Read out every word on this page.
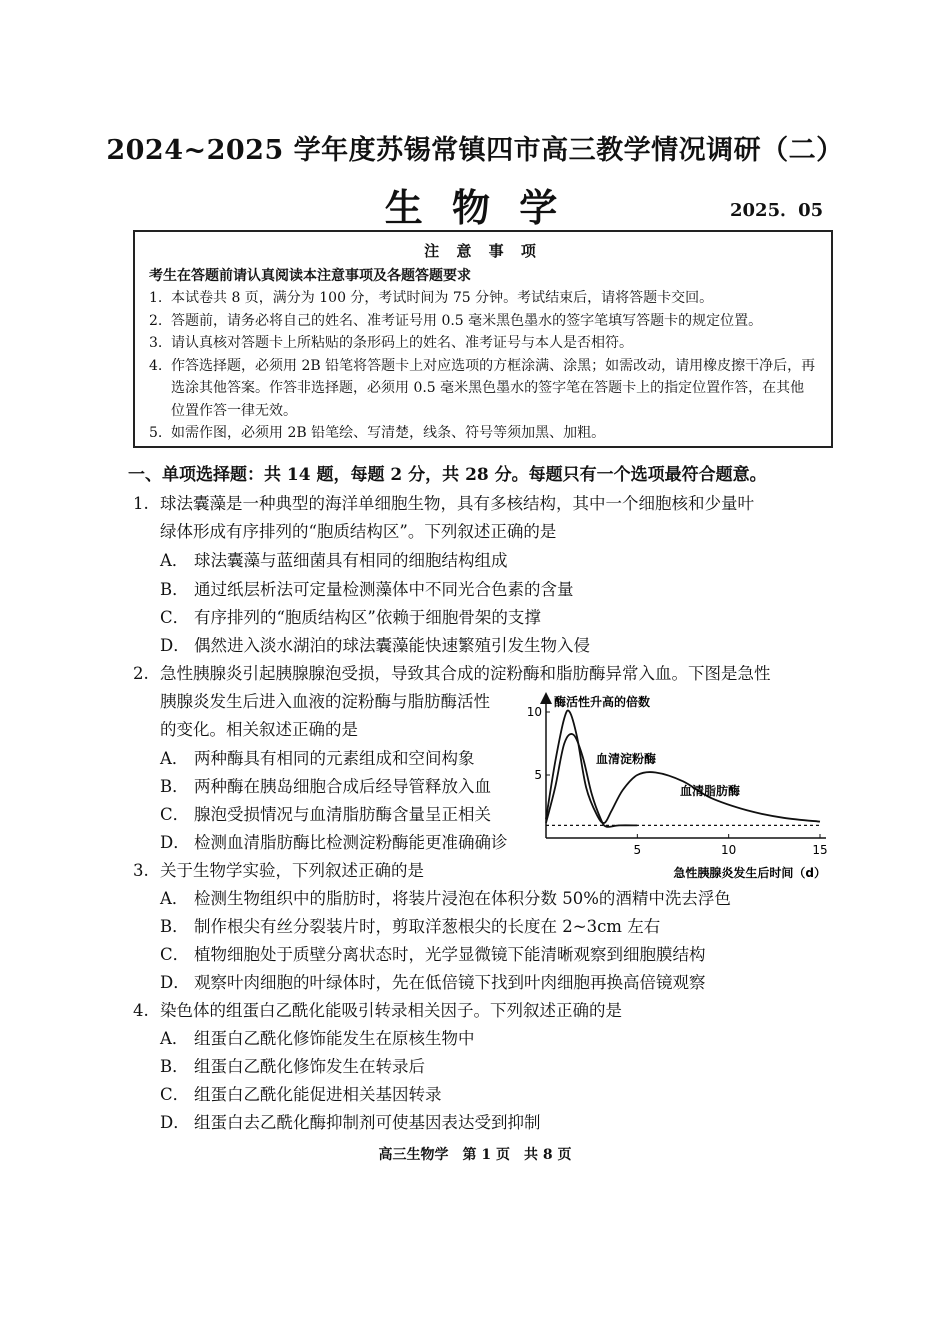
2024~2025 学年度苏锡常镇四市高三教学情况调研（二）
生 物 学	2025．05
注 意 事 项
考生在答题前请认真阅读本注意事项及各题答题要求
1. 本试卷共 8 页，满分为 100 分，考试时间为 75 分钟。考试结束后，请将答题卡交回。
2. 答题前，请务必将自己的姓名、准考证号用 0.5 毫米黑色墨水的签字笔填写答题卡的规定位置。
3. 请认真核对答题卡上所粘贴的条形码上的姓名、准考证号与本人是否相符。
4. 作答选择题，必须用 2B 铅笔将答题卡上对应选项的方框涂满、涂黑；如需改动，请用橡皮擦干净后，再选涂其他答案。作答非选择题，必须用 0.5 毫米黑色墨水的签字笔在答题卡上的指定位置作答，在其他位置作答一律无效。
5. 如需作图，必须用 2B 铅笔绘、写清楚，线条、符号等须加黑、加粗。
一、单项选择题：共 14 题，每题 2 分，共 28 分。每题只有一个选项最符合题意。
1. 球法囊藻是一种典型的海洋单细胞生物，具有多核结构，其中一个细胞核和少量叶
绿体形成有序排列的“胞质结构区”。下列叙述正确的是
A． 球法囊藻与蓝细菌具有相同的细胞结构组成
B． 通过纸层析法可定量检测藻体中不同光合色素的含量
C． 有序排列的“胞质结构区”依赖于细胞骨架的支撑
D． 偶然进入淡水湖泊的球法囊藻能快速繁殖引发生物入侵
2. 急性胰腺炎引起胰腺腺泡受损，导致其合成的淀粉酶和脂肪酶异常入血。下图是急性
胰腺炎发生后进入血液的淀粉酶与脂肪酶活性
的变化。相关叙述正确的是
A． 两种酶具有相同的元素组成和空间构象
B． 两种酶在胰岛细胞合成后经导管释放入血
C． 腺泡受损情况与血清脂肪酶含量呈正相关
D． 检测血清脂肪酶比检测淀粉酶能更准确确诊
酶活性升高的倍数
急性胰腺炎发生后时间（d）
10
5
5	10	15
血清淀粉酶
血清脂肪酶
3. 关于生物学实验，下列叙述正确的是
A． 检测生物组织中的脂肪时，将装片浸泡在体积分数 50%的酒精中洗去浮色
B． 制作根尖有丝分裂装片时，剪取洋葱根尖的长度在 2~3cm 左右
C． 植物细胞处于质壁分离状态时，光学显微镜下能清晰观察到细胞膜结构
D． 观察叶肉细胞的叶绿体时，先在低倍镜下找到叶肉细胞再换高倍镜观察
4. 染色体的组蛋白乙酰化能吸引转录相关因子。下列叙述正确的是
A． 组蛋白乙酰化修饰能发生在原核生物中
B． 组蛋白乙酰化修饰发生在转录后
C． 组蛋白乙酰化能促进相关基因转录
D． 组蛋白去乙酰化酶抑制剂可使基因表达受到抑制
高三生物学　第 1 页　共 8 页
